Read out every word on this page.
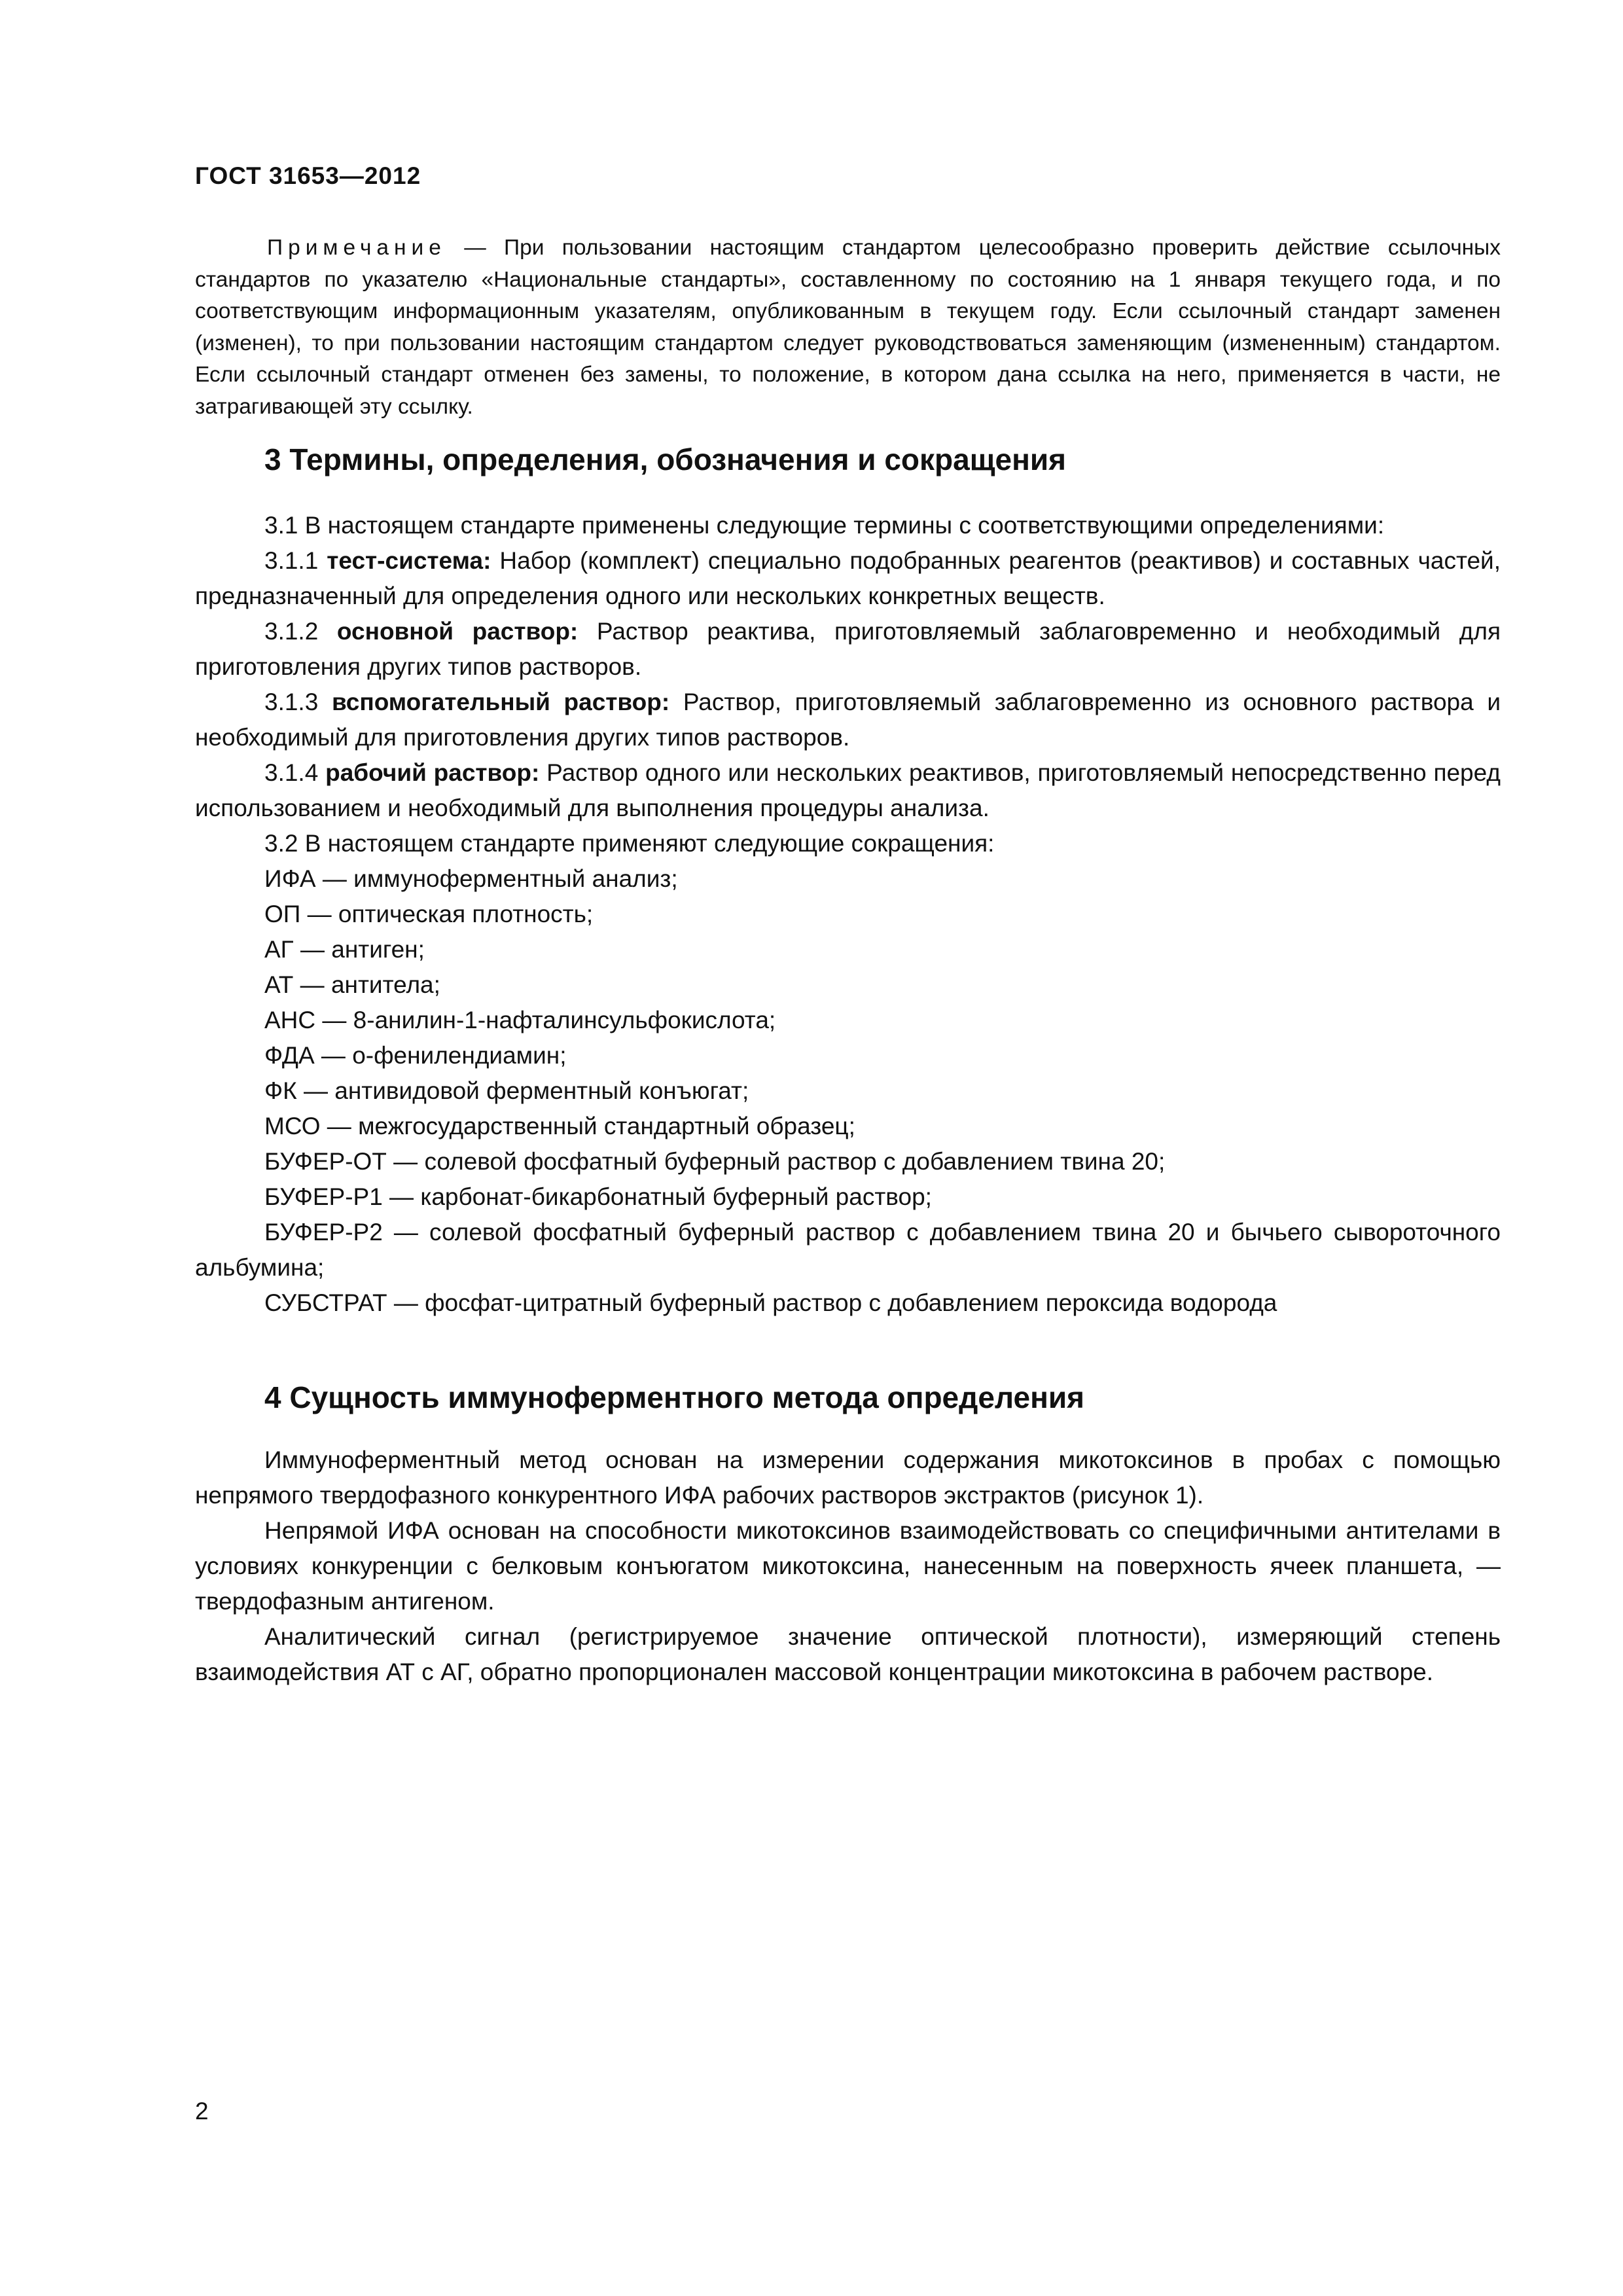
ГОСТ 31653—2012

Примечание — При пользовании настоящим стандартом целесообразно проверить действие ссылочных стандартов по указателю «Национальные стандарты», составленному по состоянию на 1 января текущего года, и по соответствующим информационным указателям, опубликованным в текущем году. Если ссылочный стандарт заменен (изменен), то при пользовании настоящим стандартом следует руководствоваться заменяющим (измененным) стандартом. Если ссылочный стандарт отменен без замены, то положение, в котором дана ссылка на него, применяется в части, не затрагивающей эту ссылку.

3 Термины, определения, обозначения и сокращения

3.1 В настоящем стандарте применены следующие термины с соответствующими определениями:

3.1.1 тест-система: Набор (комплект) специально подобранных реагентов (реактивов) и составных частей, предназначенный для определения одного или нескольких конкретных веществ.

3.1.2 основной раствор: Раствор реактива, приготовляемый заблаговременно и необходимый для приготовления других типов растворов.

3.1.3 вспомогательный раствор: Раствор, приготовляемый заблаговременно из основного раствора и необходимый для приготовления других типов растворов.

3.1.4 рабочий раствор: Раствор одного или нескольких реактивов, приготовляемый непосредственно перед использованием и необходимый для выполнения процедуры анализа.

3.2 В настоящем стандарте применяют следующие сокращения:

ИФА — иммуноферментный анализ;

ОП — оптическая плотность;

АГ — антиген;

АТ — антитела;

АНС — 8-анилин-1-нафталинсульфокислота;

ФДА — о-фенилендиамин;

ФК — антивидовой ферментный конъюгат;

МСО — межгосударственный стандартный образец;

БУФЕР-ОТ — солевой фосфатный буферный раствор с добавлением твина 20;

БУФЕР-Р1 — карбонат-бикарбонатный буферный раствор;

БУФЕР-Р2 — солевой фосфатный буферный раствор с добавлением твина 20 и бычьего сывороточного альбумина;

СУБСТРАТ — фосфат-цитратный буферный раствор с добавлением пероксида водорода

4 Сущность иммуноферментного метода определения

Иммуноферментный метод основан на измерении содержания микотоксинов в пробах с помощью непрямого твердофазного конкурентного ИФА рабочих растворов экстрактов (рисунок 1).

Непрямой ИФА основан на способности микотоксинов взаимодействовать со специфичными антителами в условиях конкуренции с белковым конъюгатом микотоксина, нанесенным на поверхность ячеек планшета, — твердофазным антигеном.

Аналитический сигнал (регистрируемое значение оптической плотности), измеряющий степень взаимодействия АТ с АГ, обратно пропорционален массовой концентрации микотоксина в рабочем растворе.

2
